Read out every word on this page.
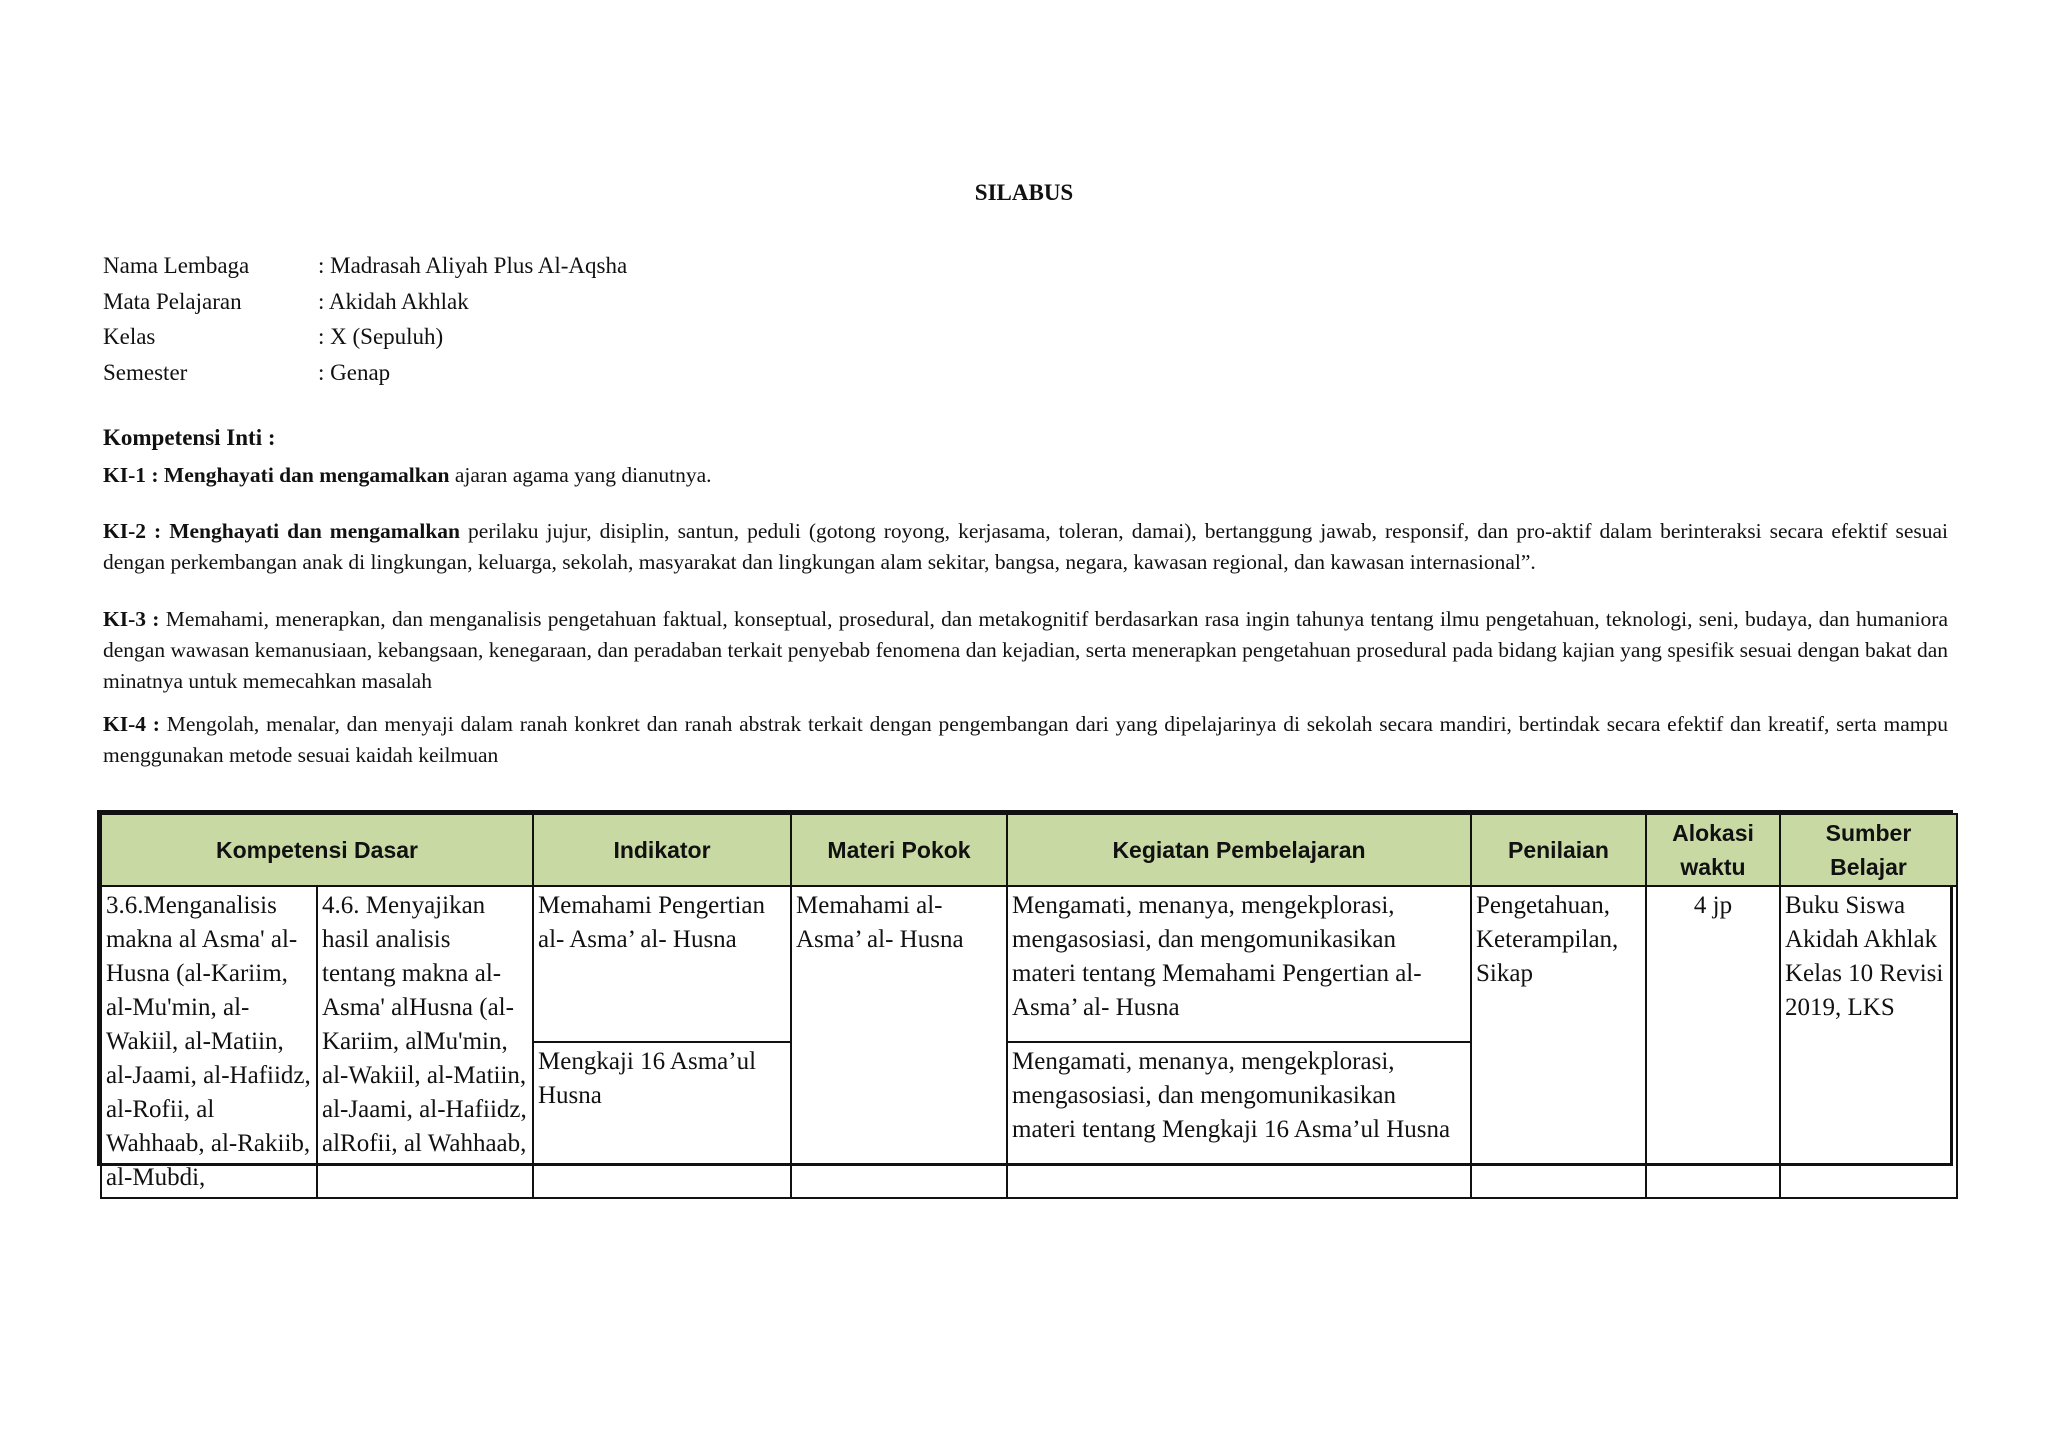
SILABUS
Nama Lembaga	: Madrasah Aliyah Plus Al-Aqsha
Mata Pelajaran	: Akidah Akhlak
Kelas	: X (Sepuluh)
Semester	: Genap
Kompetensi Inti :
KI-1 : Menghayati dan mengamalkan ajaran agama yang dianutnya.
KI-2 : Menghayati dan mengamalkan perilaku jujur, disiplin, santun, peduli (gotong royong, kerjasama, toleran, damai), bertanggung jawab, responsif, dan pro-aktif dalam berinteraksi secara efektif sesuai dengan perkembangan anak di lingkungan, keluarga, sekolah, masyarakat dan lingkungan alam sekitar, bangsa, negara, kawasan regional, dan kawasan internasional”.
KI-3 : Memahami, menerapkan, dan menganalisis pengetahuan faktual, konseptual, prosedural, dan metakognitif berdasarkan rasa ingin tahunya tentang ilmu pengetahuan, teknologi, seni, budaya, dan humaniora dengan wawasan kemanusiaan, kebangsaan, kenegaraan, dan peradaban terkait penyebab fenomena dan kejadian, serta menerapkan pengetahuan prosedural pada bidang kajian yang spesifik sesuai dengan bakat dan minatnya untuk memecahkan masalah
KI-4 : Mengolah, menalar, dan menyaji dalam ranah konkret dan ranah abstrak terkait dengan pengembangan dari yang dipelajarinya di sekolah secara mandiri, bertindak secara efektif dan kreatif, serta mampu menggunakan metode sesuai kaidah keilmuan
Kompetensi Dasar		Indikator	Materi Pokok	Kegiatan Pembelajaran	Penilaian	Alokasi waktu	Sumber Belajar
3.6.Menganalisis makna al Asma' al-Husna (al-Kariim, al-Mu'min, al-Wakiil, al-Matiin, al-Jaami, al-Hafiidz, al-Rofii, al Wahhaab, al-Rakiib, al-Mubdi,	4.6. Menyajikan hasil analisis tentang makna al-Asma' alHusna (al-Kariim, alMu'min, al-Wakiil, al-Matiin, al-Jaami, al-Hafiidz, alRofii, al Wahhaab,	Memahami Pengertian al- Asma’ al- Husna	Memahami al- Asma’ al- Husna	Mengamati, menanya, mengekplorasi, mengasosiasi, dan mengomunikasikan materi tentang Memahami Pengertian al- Asma’ al- Husna	Pengetahuan, Keterampilan, Sikap	4 jp	Buku Siswa Akidah Akhlak Kelas 10 Revisi 2019, LKS
		Mengkaji 16 Asma’ul Husna		Mengamati, menanya, mengekplorasi, mengasosiasi, dan mengomunikasikan materi tentang Mengkaji 16 Asma’ul Husna			
